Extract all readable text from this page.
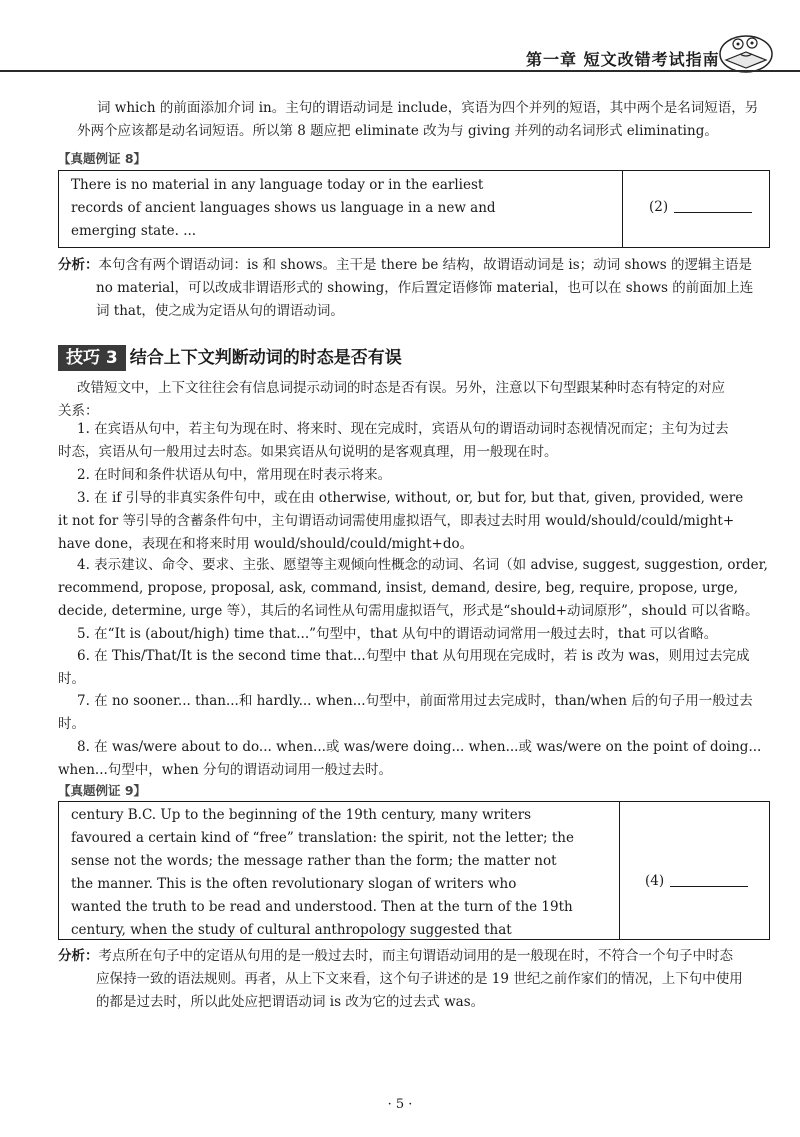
第一章 短文改错考试指南
词 which 的前面添加介词 in。主句的谓语动词是 include，宾语为四个并列的短语，其中两个是名词短语，另
外两个应该都是动名词短语。所以第 8 题应把 eliminate 改为与 giving 并列的动名词形式 eliminating。
【真题例证 8】
There is no material in any language today or in the earliest
records of ancient languages shows us language in a new and
emerging state. ...
(2)
分析：本句含有两个谓语动词：is 和 shows。主干是 there be 结构，故谓语动词是 is；动词 shows 的逻辑主语是
no material，可以改成非谓语形式的 showing，作后置定语修饰 material，也可以在 shows 的前面加上连
词 that，使之成为定语从句的谓语动词。
技巧 3 结合上下文判断动词的时态是否有误
改错短文中，上下文往往会有信息词提示动词的时态是否有误。另外，注意以下句型跟某种时态有特定的对应
关系：
1. 在宾语从句中，若主句为现在时、将来时、现在完成时，宾语从句的谓语动词时态视情况而定；主句为过去
时态，宾语从句一般用过去时态。如果宾语从句说明的是客观真理，用一般现在时。
2. 在时间和条件状语从句中，常用现在时表示将来。
3. 在 if 引导的非真实条件句中，或在由 otherwise, without, or, but for, but that, given, provided, were
it not for 等引导的含蓄条件句中，主句谓语动词需使用虚拟语气，即表过去时用 would/should/could/might+
have done，表现在和将来时用 would/should/could/might+do。
4. 表示建议、命令、要求、主张、愿望等主观倾向性概念的动词、名词（如 advise, suggest, suggestion, order,
recommend, propose, proposal, ask, command, insist, demand, desire, beg, require, propose, urge,
decide, determine, urge 等），其后的名词性从句需用虚拟语气，形式是“should+动词原形”，should 可以省略。
5. 在“It is (about/high) time that...”句型中，that 从句中的谓语动词常用一般过去时，that 可以省略。
6. 在 This/That/It is the second time that...句型中 that 从句用现在完成时，若 is 改为 was，则用过去完成
时。
7. 在 no sooner... than...和 hardly... when...句型中，前面常用过去完成时，than/when 后的句子用一般过去
时。
8. 在 was/were about to do... when...或 was/were doing... when...或 was/were on the point of doing...
when...句型中，when 分句的谓语动词用一般过去时。
【真题例证 9】
century B.C. Up to the beginning of the 19th century, many writers
favoured a certain kind of “free” translation: the spirit, not the letter; the
sense not the words; the message rather than the form; the matter not
the manner. This is the often revolutionary slogan of writers who
wanted the truth to be read and understood. Then at the turn of the 19th
century, when the study of cultural anthropology suggested that
(4)
分析：考点所在句子中的定语从句用的是一般过去时，而主句谓语动词用的是一般现在时，不符合一个句子中时态
应保持一致的语法规则。再者，从上下文来看，这个句子讲述的是 19 世纪之前作家们的情况，上下句中使用
的都是过去时，所以此处应把谓语动词 is 改为它的过去式 was。
· 5 ·
